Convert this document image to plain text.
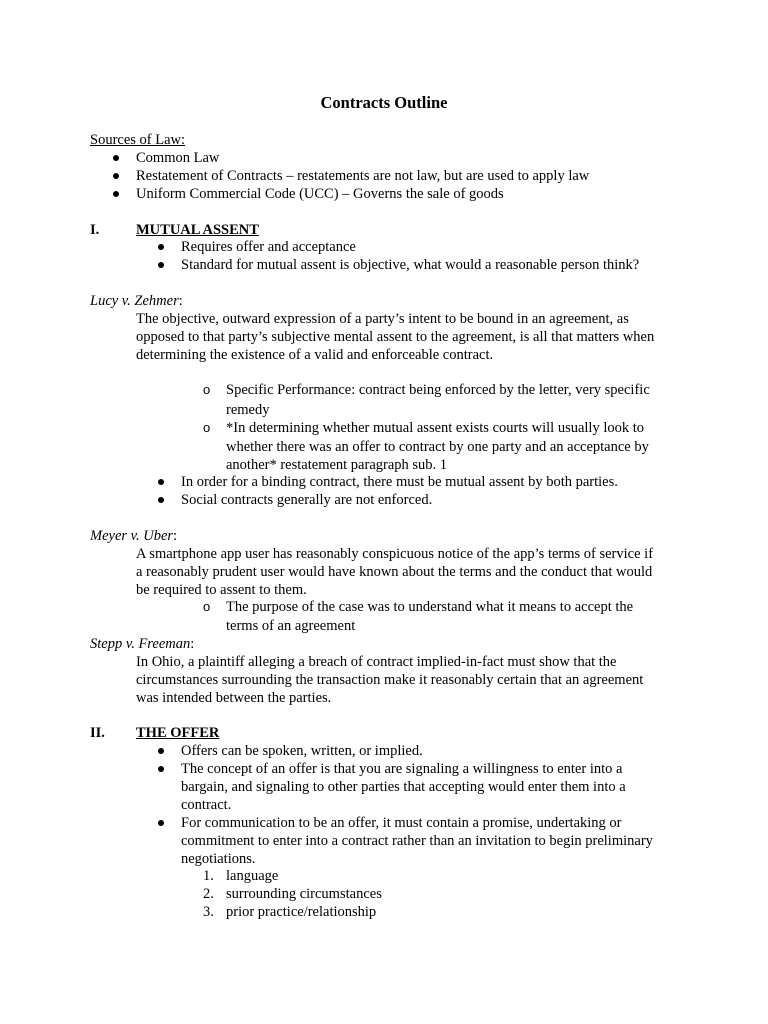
Contracts Outline
Sources of Law:
Common Law
Restatement of Contracts – restatements are not law, but are used to apply law
Uniform Commercial Code (UCC) – Governs the sale of goods
I.	MUTUAL ASSENT
Requires offer and acceptance
Standard for mutual assent is objective, what would a reasonable person think?
Lucy v. Zehmer:
The objective, outward expression of a party’s intent to be bound in an agreement, as
opposed to that party’s subjective mental assent to the agreement, is all that matters when
determining the existence of a valid and enforceable contract.
o Specific Performance: contract being enforced by the letter, very specific
remedy
o *In determining whether mutual assent exists courts will usually look to
whether there was an offer to contract by one party and an acceptance by
another* restatement paragraph sub. 1
In order for a binding contract, there must be mutual assent by both parties.
Social contracts generally are not enforced.
Meyer v. Uber:
A smartphone app user has reasonably conspicuous notice of the app’s terms of service if
a reasonably prudent user would have known about the terms and the conduct that would
be required to assent to them.
o The purpose of the case was to understand what it means to accept the
terms of an agreement
Stepp v. Freeman:
In Ohio, a plaintiff alleging a breach of contract implied-in-fact must show that the
circumstances surrounding the transaction make it reasonably certain that an agreement
was intended between the parties.
II. THE OFFER
Offers can be spoken, written, or implied.
The concept of an offer is that you are signaling a willingness to enter into a
bargain, and signaling to other parties that accepting would enter them into a
contract.
For communication to be an offer, it must contain a promise, undertaking or
commitment to enter into a contract rather than an invitation to begin preliminary
negotiations.
1. language
2. surrounding circumstances
3. prior practice/relationship
